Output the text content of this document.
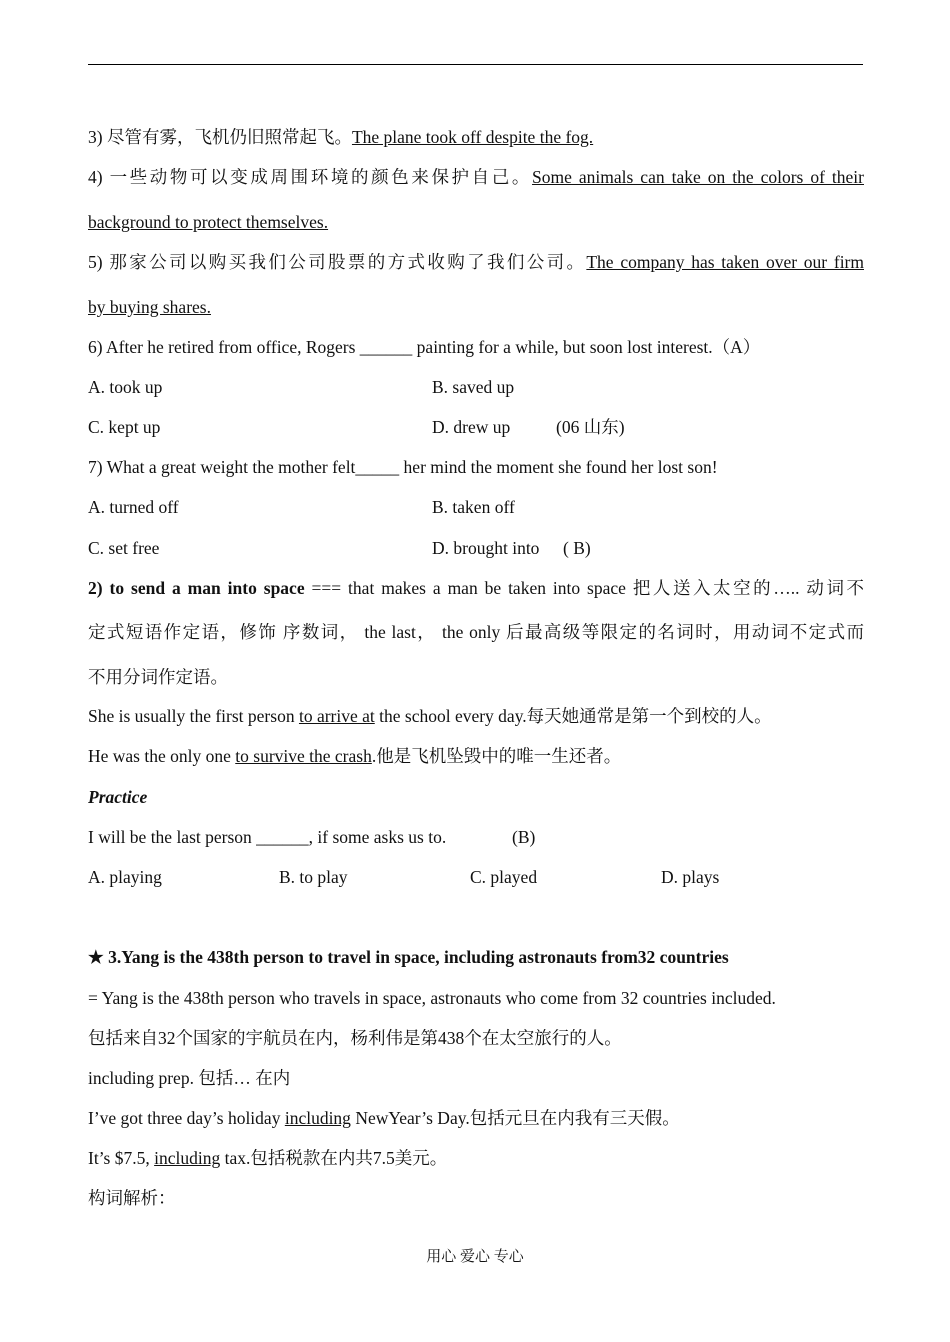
3) 尽管有雾，飞机仍旧照常起飞。The plane took off despite the fog.
4) 一些动物可以变成周围环境的颜色来保护自己。Some animals can take on the colors of their
background to protect themselves.
5) 那家公司以购买我们公司股票的方式收购了我们公司。The company has taken over our firm
by buying shares.
6) After he retired from office, Rogers ______ painting for a while, but soon lost interest.（A）
A. took up	B. saved up
C. kept up	D. drew up	(06 山东)
7) What a great weight the mother felt_____ her mind the moment she found her lost son!
A. turned off	B. taken off
C. set free	D. brought into ( B)
2) to send a man into space === that makes a man be taken into space 把人送入太空的….. 动词不
定式短语作定语，修饰 序数词， the last， the only 后最高级等限定的名词时，用动词不定式而
不用分词作定语。
She is usually the first person to arrive at the school every day.每天她通常是第一个到校的人。
He was the only one to survive the crash.他是飞机坠毁中的唯一生还者。
Practice
I will be the last person ______, if some asks us to.	(B)
A. playing	B. to play	C. played	D. plays
★ 3.Yang is the 438th person to travel in space, including astronauts from32 countries
= Yang is the 438th person who travels in space, astronauts who come from 32 countries included.
包括来自32个国家的宇航员在内，杨利伟是第438个在太空旅行的人。
including prep. 包括… 在内
I’ve got three day’s holiday including NewYear’s Day.包括元旦在内我有三天假。
It’s $7.5, including tax.包括税款在内共7.5美元。
构词解析：
用心 爱心 专心
